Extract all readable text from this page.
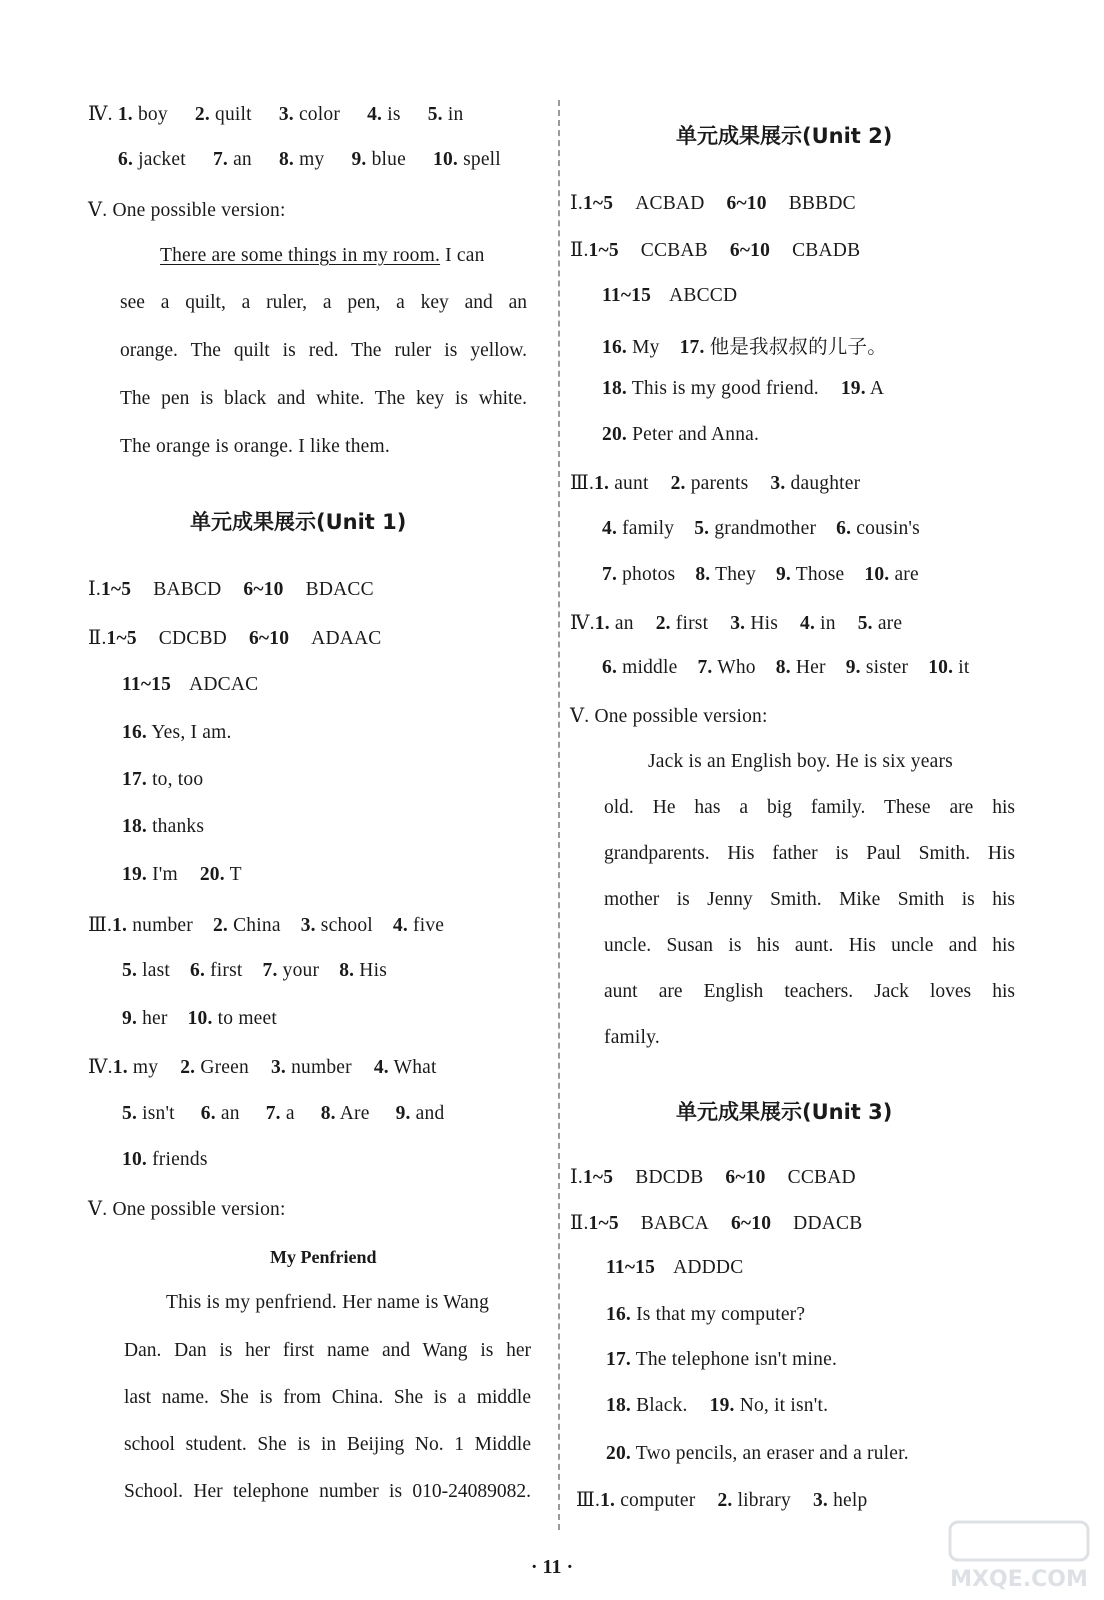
Ⅳ. 1. boy 2. quilt 3. color 4. is 5. in
6. jacket 7. an 8. my 9. blue 10. spell
Ⅴ. One possible version:
There are some things in my room. I can
see a quilt, a ruler, a pen, a key and an
orange. The quilt is red. The ruler is yellow.
The pen is black and white. The key is white.
The orange is orange. I like them.
单元成果展示(Unit 1)
Ⅰ.1~5 BABCD 6~10 BDACC
Ⅱ.1~5 CDCBD 6~10 ADAAC
11~15 ADCAC
16. Yes, I am.
17. to, too
18. thanks
19. I'm 20. T
Ⅲ.1. number 2. China 3. school 4. five
5. last 6. first 7. your 8. His
9. her 10. to meet
Ⅳ.1. my 2. Green 3. number 4. What
5. isn't 6. an 7. a 8. Are 9. and
10. friends
Ⅴ. One possible version:
My Penfriend
This is my penfriend. Her name is Wang
Dan. Dan is her first name and Wang is her
last name. She is from China. She is a middle
school student. She is in Beijing No. 1 Middle
School. Her telephone number is 010-24089082.
单元成果展示(Unit 2)
Ⅰ.1~5 ACBAD 6~10 BBBDC
Ⅱ.1~5 CCBAB 6~10 CBADB
11~15 ABCCD
16. My 17. 他是我叔叔的儿子。
18. This is my good friend. 19. A
20. Peter and Anna.
Ⅲ.1. aunt 2. parents 3. daughter
4. family 5. grandmother 6. cousin's
7. photos 8. They 9. Those 10. are
Ⅳ.1. an 2. first 3. His 4. in 5. are
6. middle 7. Who 8. Her 9. sister 10. it
Ⅴ. One possible version:
Jack is an English boy. He is six years
old. He has a big family. These are his
grandparents. His father is Paul Smith. His
mother is Jenny Smith. Mike Smith is his
uncle. Susan is his aunt. His uncle and his
aunt are English teachers. Jack loves his
family.
单元成果展示(Unit 3)
Ⅰ.1~5 BDCDB 6~10 CCBAD
Ⅱ.1~5 BABCA 6~10 DDACB
11~15 ADDDC
16. Is that my computer?
17. The telephone isn't mine.
18. Black. 19. No, it isn't.
20. Two pencils, an eraser and a ruler.
Ⅲ.1. computer 2. library 3. help
· 11 ·	MXQE.COM
